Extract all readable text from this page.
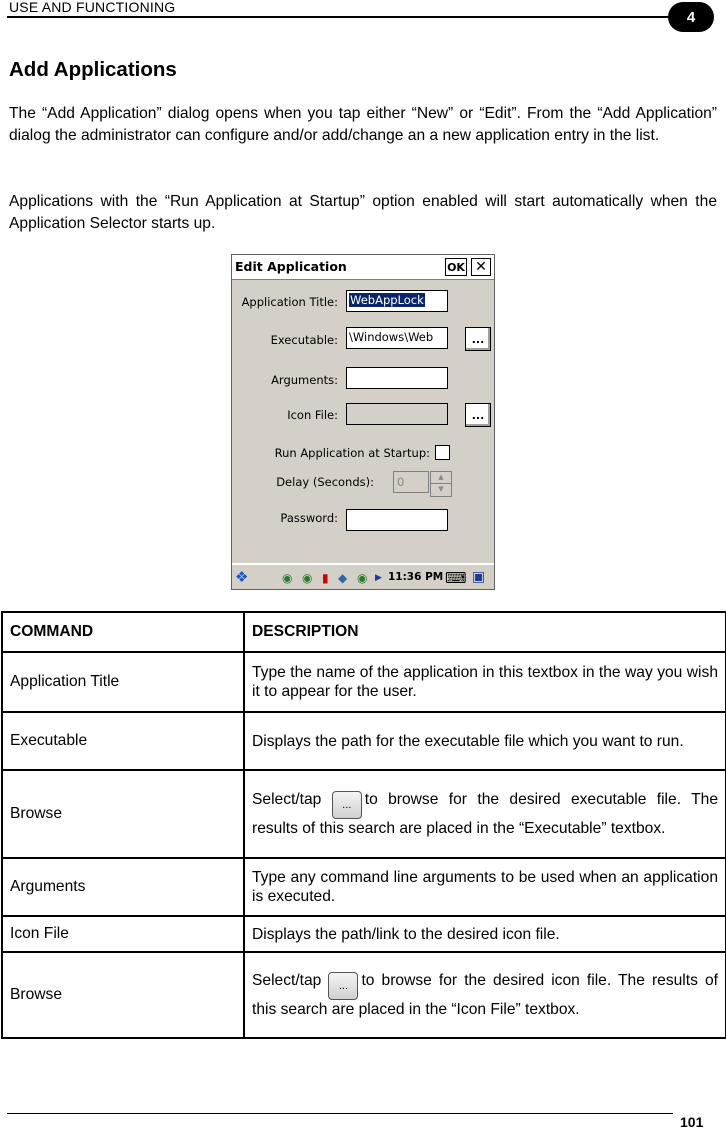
USE AND FUNCTIONING
4
Add Applications
The “Add Application” dialog opens when you tap either “New” or “Edit”. From the “Add Application” dialog the administrator can configure and/or add/change an a new application entry in the list.
Applications with the “Run Application at Startup” option enabled will start automatically when the Application Selector starts up.
Edit Application	OK ✕
Application Title:	WebAppLock
Executable: \Windows\Web	...
Arguments:
Icon File:	...
Run Application at Startup:
Delay (Seconds):	0	▲
▼
Password:
❖	◉ ◉ ▮ ◆ ◉ ▶ 11:36 PM ⌨ ▣
COMMAND	DESCRIPTION
Application Title	Type the name of the application in this textbox in the way you wish it to appear for the user.
Executable	Displays the path for the executable file which you want to run.
Browse	Select/tap ... to browse for the desired executable file. The results of this search are placed in the “Executable” textbox.
Arguments	Type any command line arguments to be used when an application is executed.
Icon File	Displays the path/link to the desired icon file.
Browse	Select/tap ... to browse for the desired icon file. The results of this search are placed in the “Icon File” textbox.
101
